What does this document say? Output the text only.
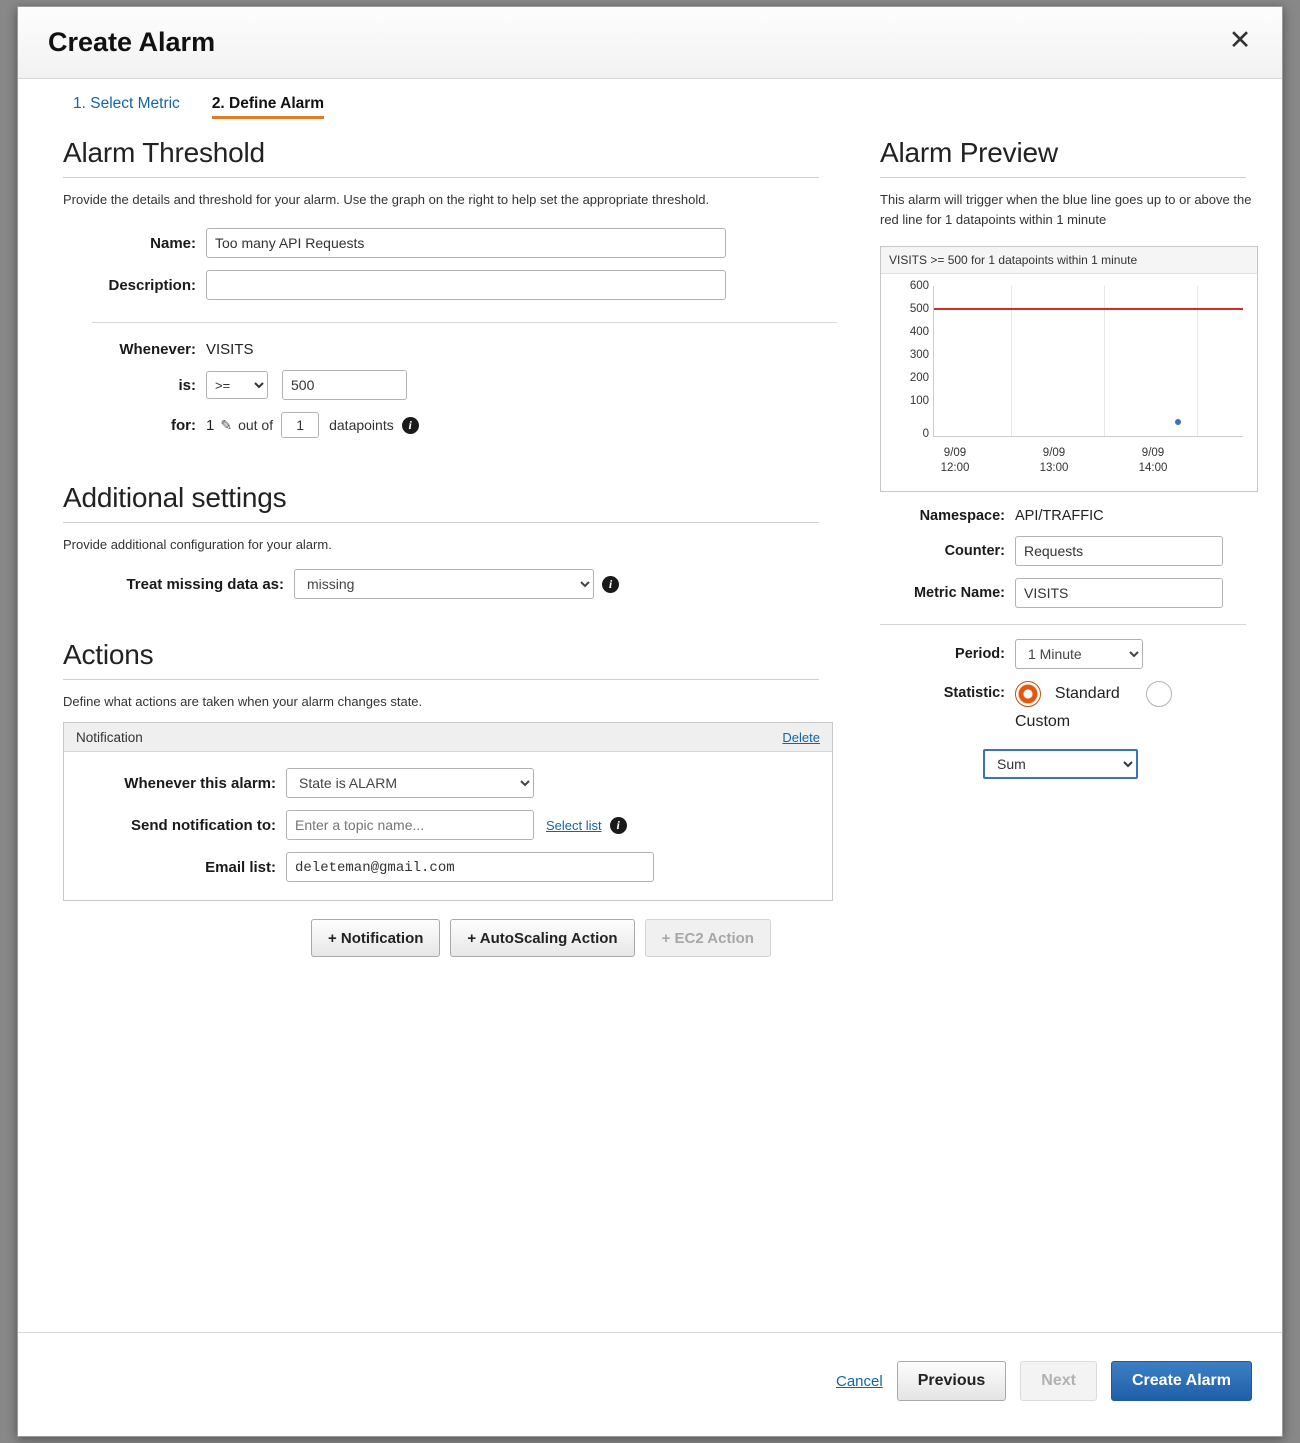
Create Alarm	✕
1. Select Metric 2. Define Alarm
Alarm Threshold
Provide the details and threshold for your alarm. Use the graph on the right to help set the appropriate threshold.
Name:
Too many API Requests
Description:
Whenever: VISITS
is:
>=
500
for: 1 ✎ out of
1	datapoints	i
Additional settings
Provide additional configuration for your alarm.
Treat missing data as:
missing	i
Actions
Define what actions are taken when your alarm changes state.
Notification	Delete
Whenever this alarm:
State is ALARM
Send notification to:
Enter a topic name...	Select list	i
Email list:
deleteman@gmail.com
+ Notification	+ AutoScaling Action	+ EC2 Action
Alarm Preview
This alarm will trigger when the blue line goes up to or above the red line for 1 datapoints within 1 minute
VISITS >= 500 for 1 datapoints within 1 minute
600
500
400
300
200
100
0
9/09
12:00
9/09
13:00
9/09
14:00
Namespace: API/TRAFFIC
Counter:
Requests
Metric Name:
VISITS
Period:
1 Minute
Statistic:	Standard
Custom
Sum
Cancel	Previous	Next	Create Alarm
